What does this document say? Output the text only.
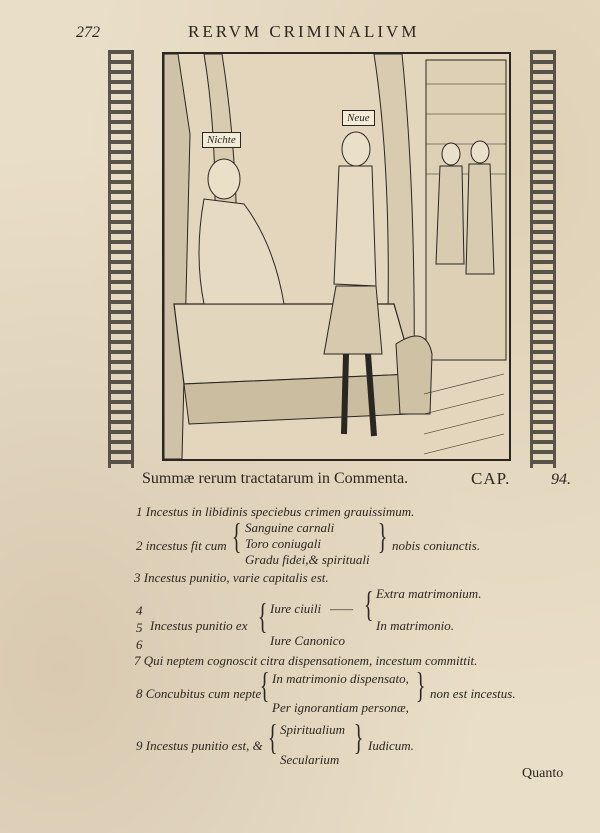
272	RERVM CRIMINALIVM
Nichte
Neue
Summæ rerum tractatarum in Commenta.	CAP.	94.
1 Incestus in libidinis speciebus crimen grauissimum.
2 incestus fit cum { Sanguine carnali
Toro coniugali
Gradu fidei,& spirituali
} nobis coniunctis.
3 Incestus punitio, varie capitalis est.
4
5
6
Incestus punitio ex { Iure ciuili —— { Extra matrimonium.
In matrimonio.
Iure Canonico
7 Qui neptem cognoscit citra dispensationem, incestum committit.
8 Concubitus cum nepte
{ In matrimonio dispensato,
Per ignorantiam personæ,
} non est incestus.
9 Incestus punitio est, & { Spiritualium
Secularium
} Iudicum.
Quanto
